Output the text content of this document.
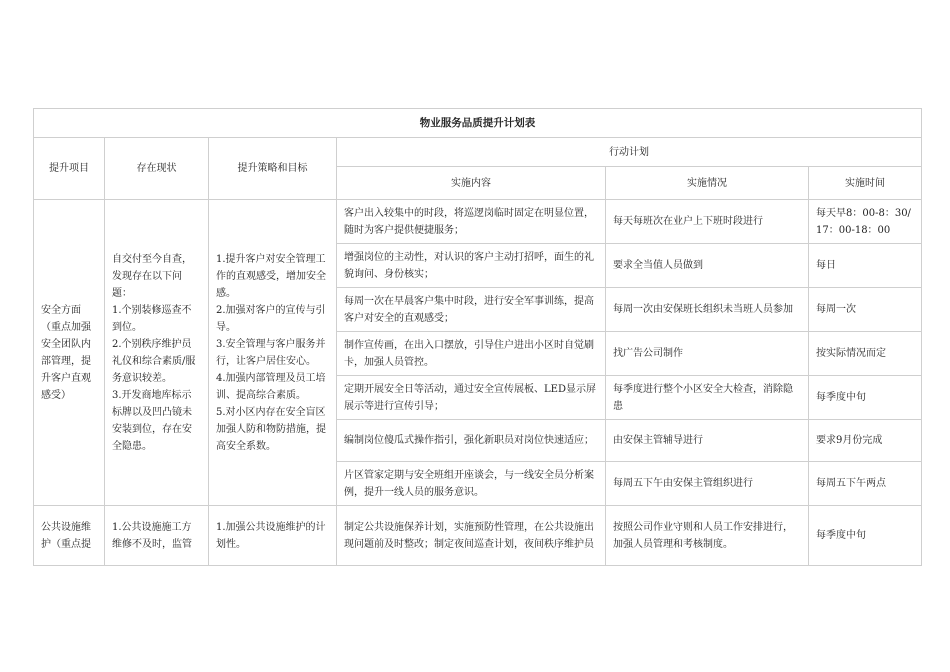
物业服务品质提升计划表					
提升项目	存在现状	提升策略和目标	行动计划		
			实施内容	实施情况	实施时间
安全方面（重点加强安全团队内部管理，提升客户直观感受）	自交付至今自查，发现存在以下问题：
1.个别装修巡查不到位。
2.个别秩序维护员礼仪和综合素质/服务意识较差。
3.开发商地库标示标牌以及凹凸镜未安装到位，存在安全隐患。	1.提升客户对安全管理工作的直观感受，增加安全感。
2.加强对客户的宣传与引导。
3.安全管理与客户服务并行，让客户居住安心。
4.加强内部管理及员工培训、提高综合素质。
5.对小区内存在安全盲区加强人防和物防措施，提高安全系数。	客户出入较集中的时段，将巡逻岗临时固定在明显位置，随时为客户提供便捷服务；	每天每班次在业户上下班时段进行	每天早8：00-8：30/17：00-18：00
			增强岗位的主动性，对认识的客户主动打招呼，面生的礼貌询问、身份核实；	要求全当值人员做到	每日
			每周一次在早晨客户集中时段，进行安全军事训练，提高客户对安全的直观感受；	每周一次由安保班长组织未当班人员参加	每周一次
			制作宣传画，在出入口摆放，引导住户进出小区时自觉刷卡，加强人员管控。	找广告公司制作	按实际情况而定
			定期开展安全日等活动，通过安全宣传展板、LED显示屏展示等进行宣传引导；	每季度进行整个小区安全大检查，消除隐患	每季度中旬
			编制岗位傻瓜式操作指引，强化新职员对岗位快速适应；	由安保主管辅导进行	要求9月份完成
			片区管家定期与安全班组开座谈会，与一线安全员分析案例，提升一线人员的服务意识。	每周五下午由安保主管组织进行	每周五下午两点
公共设施维护（重点提	1.公共设施施工方维修不及时，监管	1.加强公共设施维护的计划性。	制定公共设施保养计划，实施预防性管理，在公共设施出现问题前及时整改；制定夜间巡查计划，夜间秩序维护员	按照公司作业守则和人员工作安排进行，加强人员管理和考核制度。	每季度中旬
